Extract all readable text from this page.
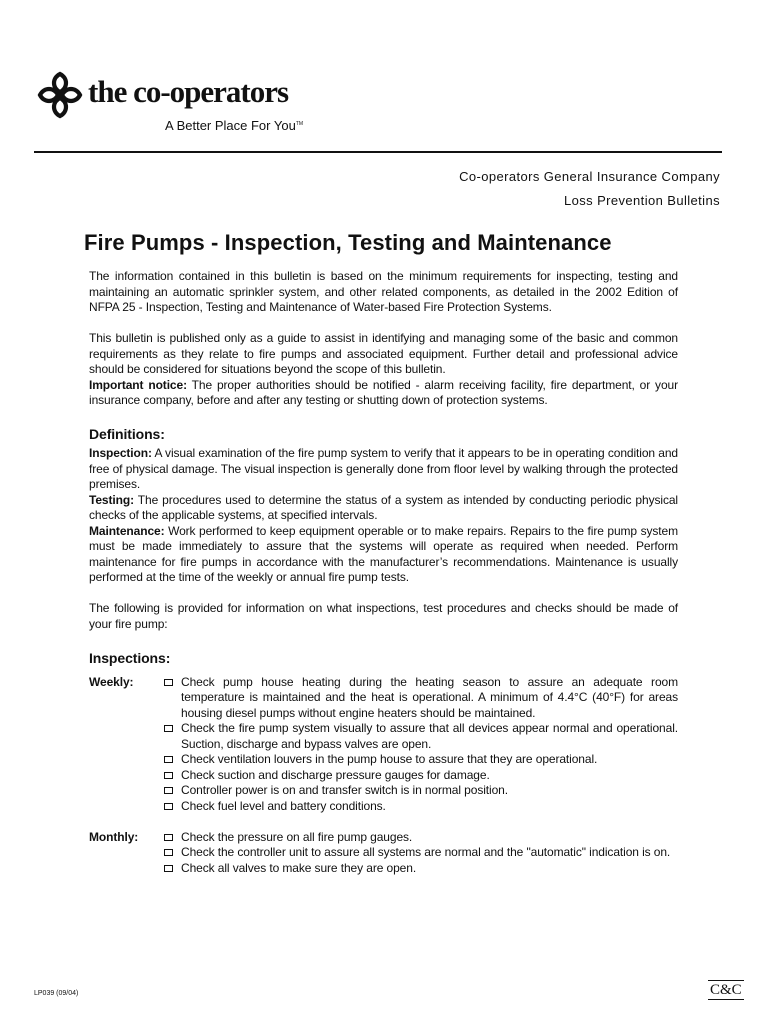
the co-operators
A Better Place For You™
Co-operators General Insurance Company
Loss Prevention Bulletins
Fire Pumps - Inspection, Testing and Maintenance

The information contained in this bulletin is based on the minimum requirements for inspecting, testing and maintaining an automatic sprinkler system, and other related components, as detailed in the 2002 Edition of NFPA 25 - Inspection, Testing and Maintenance of Water-based Fire Protection Systems.

This bulletin is published only as a guide to assist in identifying and managing some of the basic and common requirements as they relate to fire pumps and associated equipment. Further detail and professional advice should be considered for situations beyond the scope of this bulletin.

Important notice: The proper authorities should be notified - alarm receiving facility, fire department, or your insurance company, before and after any testing or shutting down of protection systems.

Definitions:

Inspection: A visual examination of the fire pump system to verify that it appears to be in operating condition and free of physical damage. The visual inspection is generally done from floor level by walking through the protected premises.

Testing: The procedures used to determine the status of a system as intended by conducting periodic physical checks of the applicable systems, at specified intervals.

Maintenance: Work performed to keep equipment operable or to make repairs. Repairs to the fire pump system must be made immediately to assure that the systems will operate as required when needed. Perform maintenance for fire pumps in accordance with the manufacturer’s recommendations. Maintenance is usually performed at the time of the weekly or annual fire pump tests.

The following is provided for information on what inspections, test procedures and checks should be made of your fire pump:

Inspections:
Weekly:	Check pump house heating during the heating season to assure an adequate room temperature is maintained and the heat is operational. A minimum of 4.4°C (40°F) for areas housing diesel pumps without engine heaters should be maintained.
Check the fire pump system visually to assure that all devices appear normal and operational. Suction, discharge and bypass valves are open.
Check ventilation louvers in the pump house to assure that they are operational.
Check suction and discharge pressure gauges for damage.
Controller power is on and transfer switch is in normal position.
Check fuel level and battery conditions.
Monthly:	Check the pressure on all fire pump gauges.
Check the controller unit to assure all systems are normal and the "automatic" indication is on.
Check all valves to make sure they are open.
LP039 (09/04)	C&C
